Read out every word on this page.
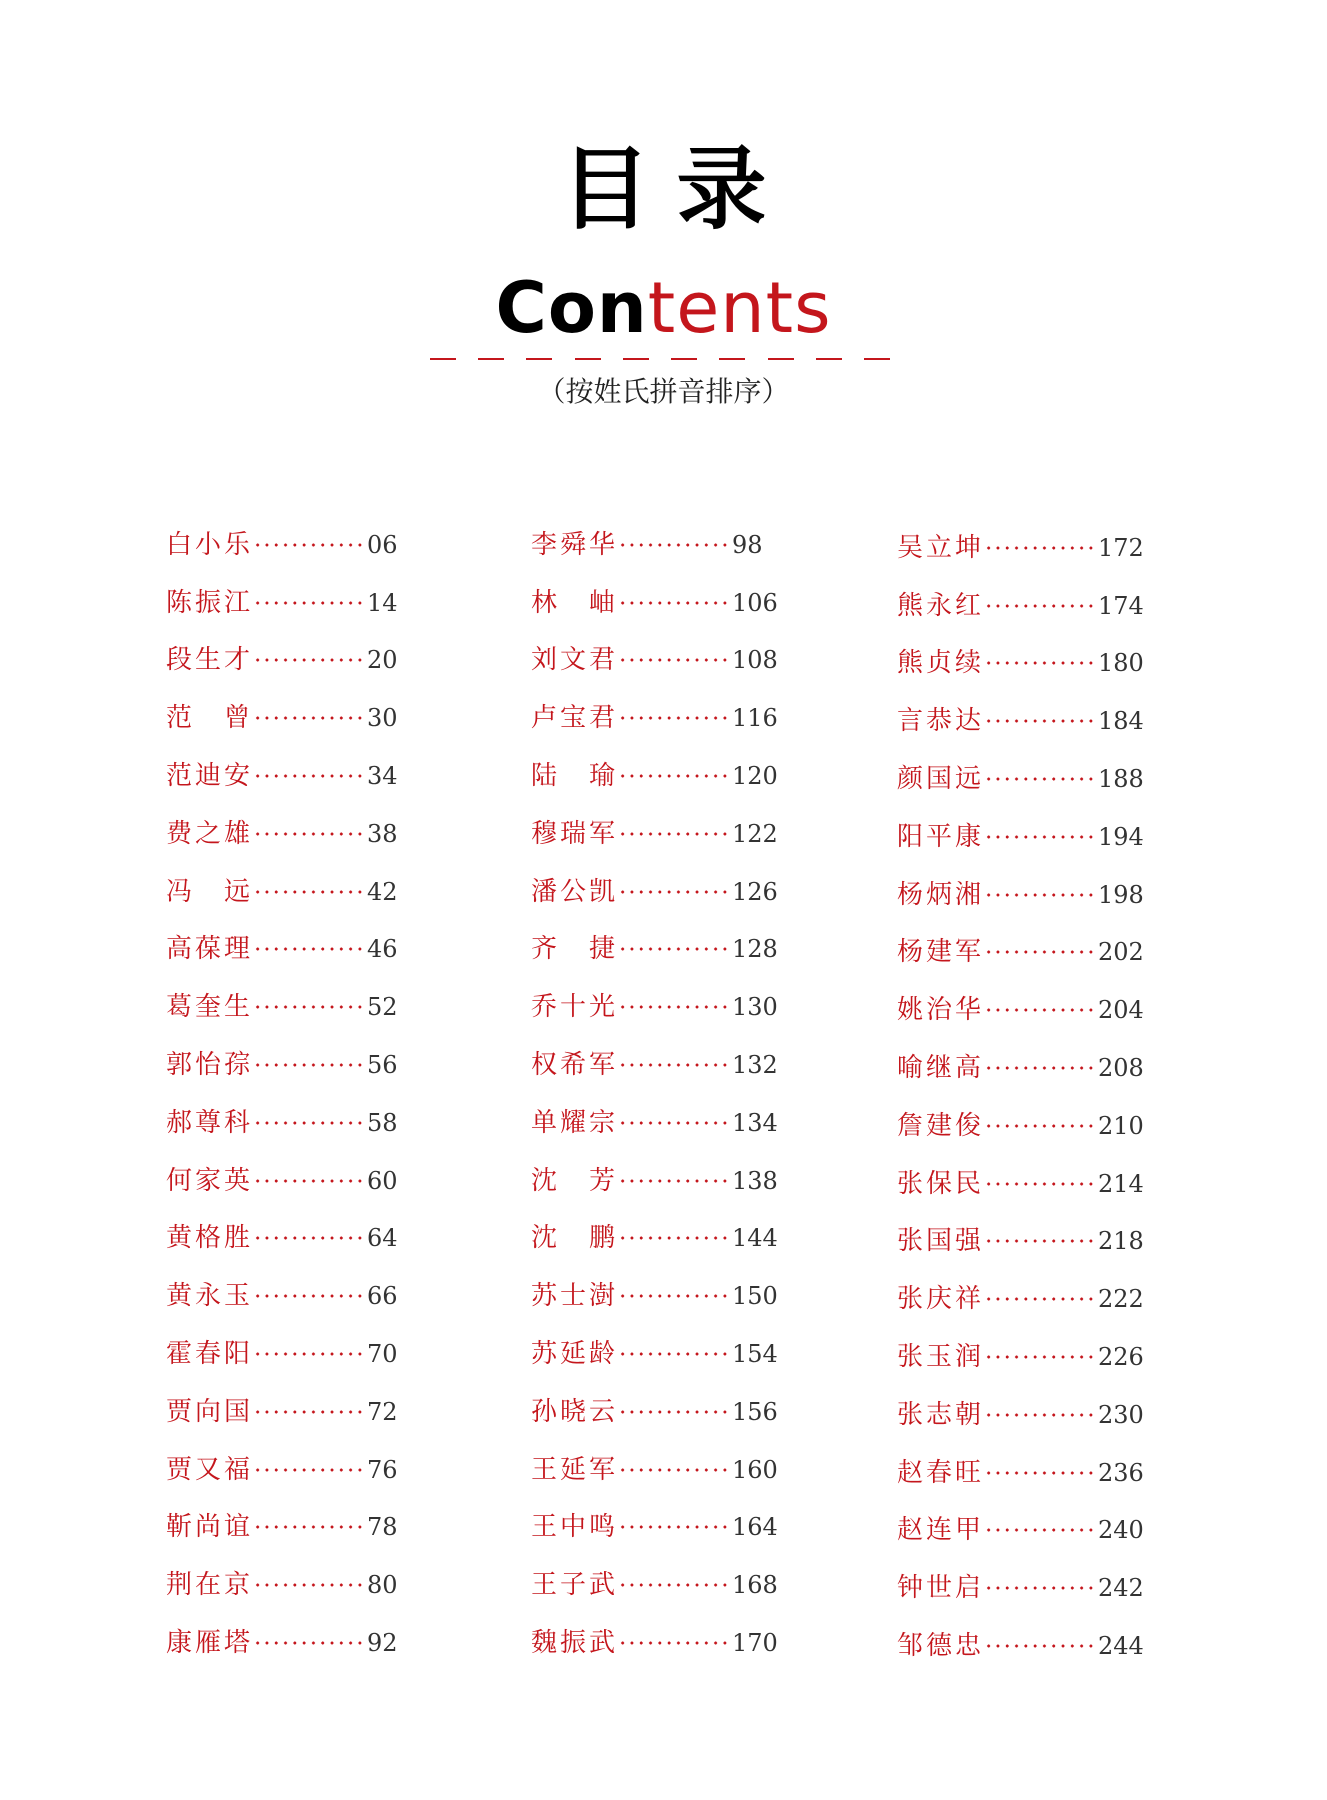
目录
Contents
（按姓氏拼音排序）
白小乐	06
陈振江	14
段生才	20
范 曾	30
范迪安	34
费之雄	38
冯 远	42
高葆理	46
葛奎生	52
郭怡孮	56
郝尊科	58
何家英	60
黄格胜	64
黄永玉	66
霍春阳	70
贾向国	72
贾又福	76
靳尚谊	78
荆在京	80
康雁塔	92
李舜华	98
林 岫	106
刘文君	108
卢宝君	116
陆 瑜	120
穆瑞军	122
潘公凯	126
齐 捷	128
乔十光	130
权希军	132
单耀宗	134
沈 芳	138
沈 鹏	144
苏士澍	150
苏延龄	154
孙晓云	156
王延军	160
王中鸣	164
王子武	168
魏振武	170
吴立坤	172
熊永红	174
熊贞续	180
言恭达	184
颜国远	188
阳平康	194
杨炳湘	198
杨建军	202
姚治华	204
喻继高	208
詹建俊	210
张保民	214
张国强	218
张庆祥	222
张玉润	226
张志朝	230
赵春旺	236
赵连甲	240
钟世启	242
邹德忠	244
